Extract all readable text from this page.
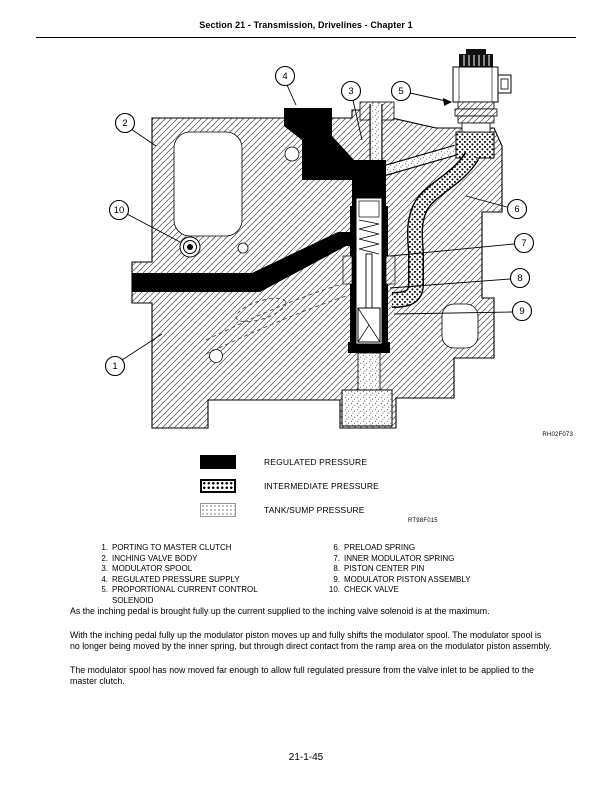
Section 21 - Transmission, Drivelines - Chapter 1
1
2
3
4
5
6
7
8
9
10
RH02F073
REGULATED PRESSURE
INTERMEDIATE PRESSURE
TANK/SUMP PRESSURE
RT98F015
1. PORTING TO MASTER CLUTCH
2. INCHING VALVE BODY
3. MODULATOR SPOOL
4. REGULATED PRESSURE SUPPLY
5. PROPORTIONAL CURRENT CONTROL SOLENOID
6. PRELOAD SPRING
7. INNER MODULATOR SPRING
8. PISTON CENTER PIN
9. MODULATOR PISTON ASSEMBLY
10. CHECK VALVE

As the inching pedal is brought fully up the current supplied to the inching valve solenoid is at the maximum.

With the inching pedal fully up the modulator piston moves up and fully shifts the modulator spool. The modulator spool is no longer being moved by the inner spring, but through direct contact from the ramp area on the modulator piston assembly.

The modulator spool has now moved far enough to allow full regulated pressure from the valve inlet to be applied to the master clutch.

21-1-45
